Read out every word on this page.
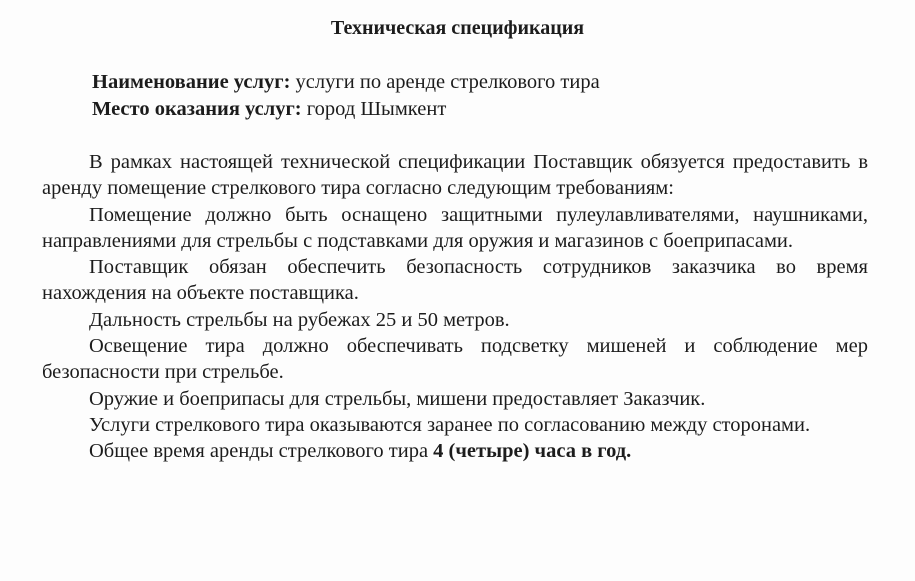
Техническая спецификация
Наименование услуг: услуги по аренде стрелкового тира
Место оказания услуг: город Шымкент

В рамках настоящей технической спецификации Поставщик обязуется предоставить в аренду помещение стрелкового тира согласно следующим требованиям:

Помещение должно быть оснащено защитными пулеулавливателями, наушниками, направлениями для стрельбы с подставками для оружия и магазинов с боеприпасами.

Поставщик обязан обеспечить безопасность сотрудников заказчика во время нахождения на объекте поставщика.

Дальность стрельбы на рубежах 25 и 50 метров.

Освещение тира должно обеспечивать подсветку мишеней и соблюдение мер безопасности при стрельбе.

Оружие и боеприпасы для стрельбы, мишени предоставляет Заказчик.

Услуги стрелкового тира оказываются заранее по согласованию между сторонами.

Общее время аренды стрелкового тира 4 (четыре) часа в год.
